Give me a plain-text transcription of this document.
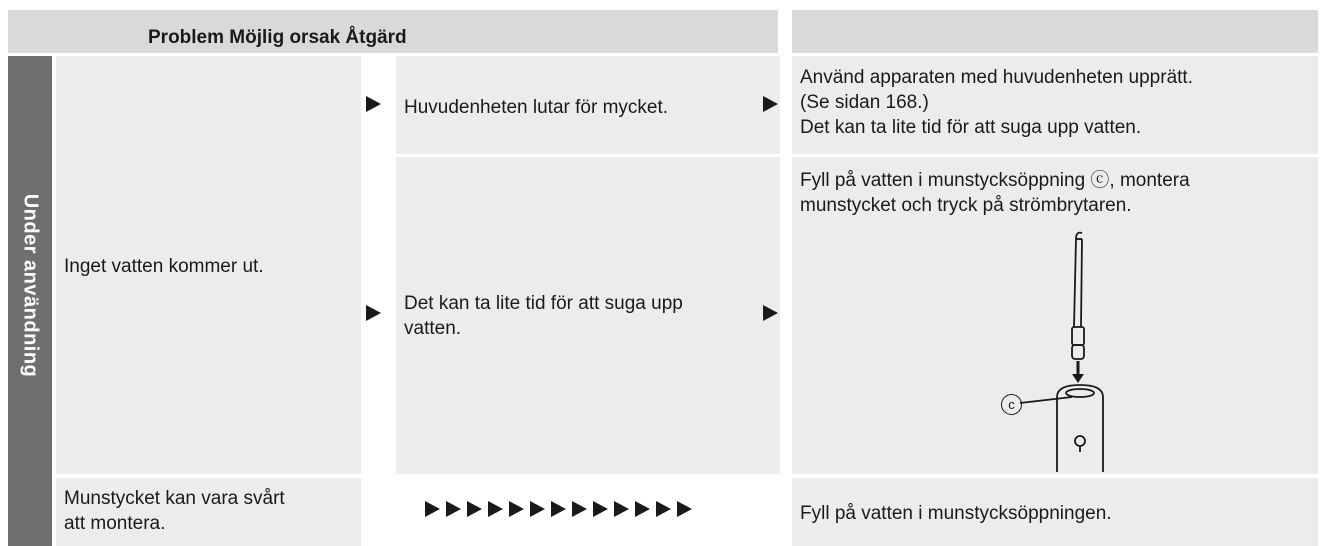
Problem Möjlig orsak Åtgärd
Under användning Inget vatten kommer ut.
Huvudenheten lutar för mycket.
Det kan ta lite tid för att suga upp
vatten.
Använd apparaten med huvudenheten upprätt.
(Se sidan 168.)
Det kan ta lite tid för att suga upp vatten.
Fyll på vatten i munstycksöppning ⓒ, montera
munstycket och tryck på strömbrytaren.
c
Munstycket kan vara svårt
att montera.	Fyll på vatten i munstycksöppningen.
